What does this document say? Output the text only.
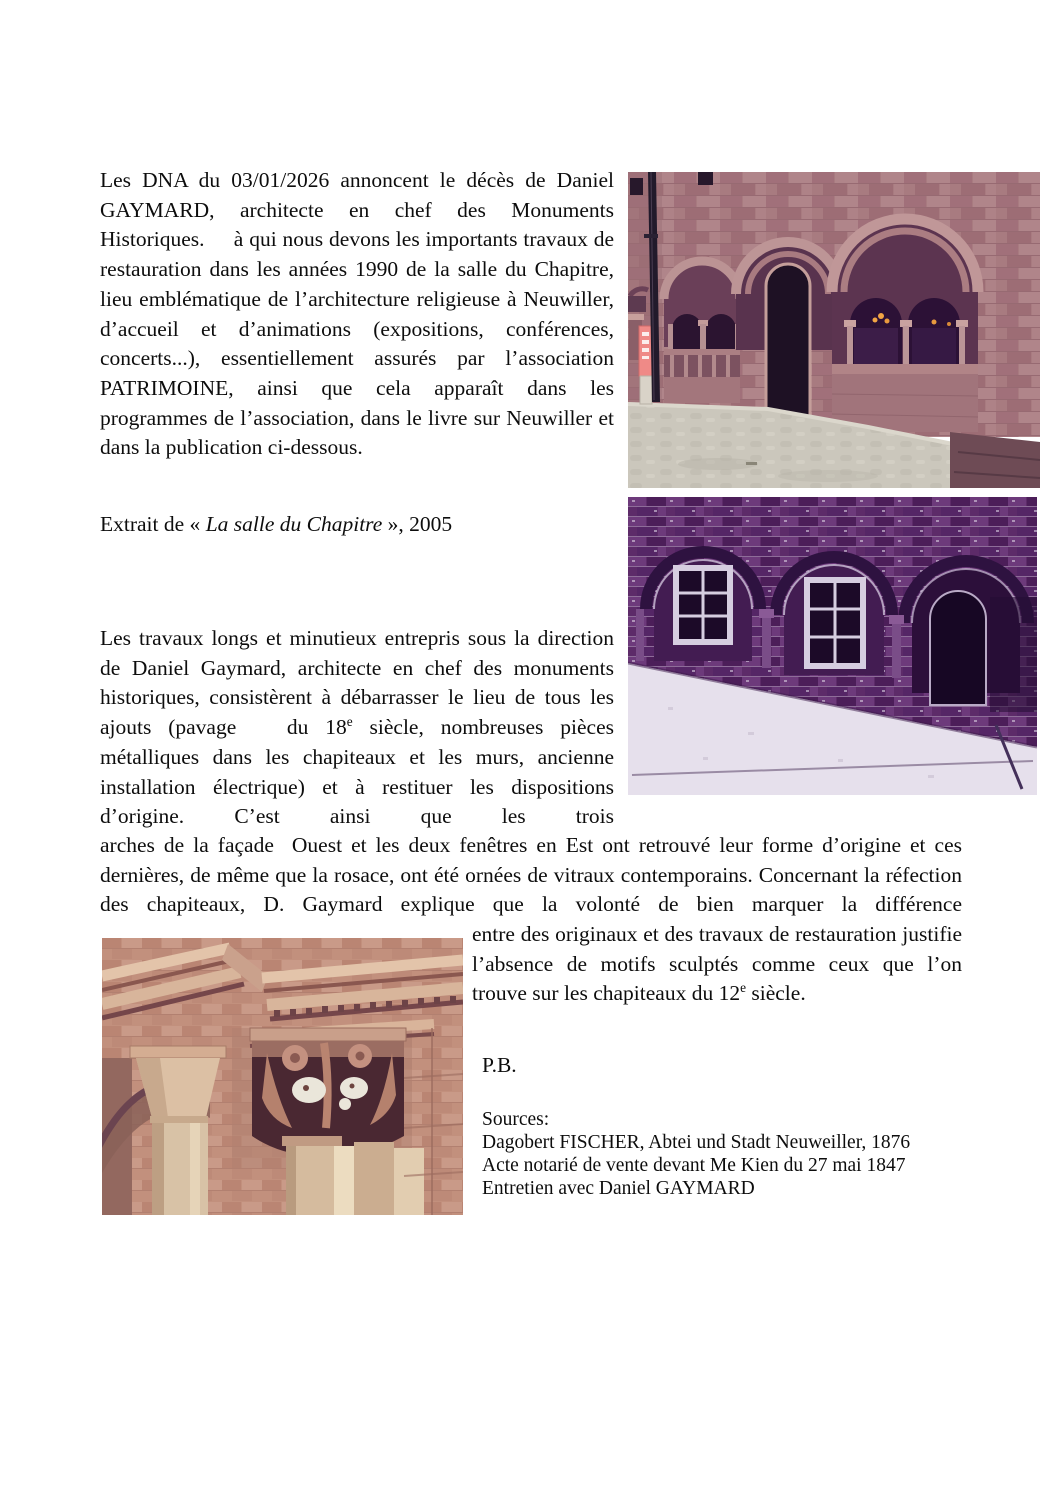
Les DNA du 03/01/2026 annoncent le décès de Daniel GAYMARD, architecte en chef des Monuments Historiques.     à qui nous devons les importants travaux de restauration dans les années 1990 de la salle du Chapitre, lieu emblématique de l’architecture religieuse à Neuwiller, d’accueil et d’animations (expositions, conférences, concerts...), essentiellement assurés par l’association PATRIMOINE, ainsi que cela apparaît dans les programmes de l’association, dans le livre sur Neuwiller et dans la publication ci-dessous.
Extrait de « La salle du Chapitre », 2005
Les travaux longs et minutieux entrepris sous la direction de Daniel Gaymard, architecte en chef des monuments historiques, consistèrent à débarrasser le lieu de tous les ajouts (pavage   du 18e siècle, nombreuses pièces métalliques dans les chapiteaux et les murs, ancienne installation électrique) et à restituer les dispositions d’origine. C’est ainsi que les trois
arches de la façade  Ouest et les deux fenêtres en Est ont retrouvé leur forme d’origine et ces dernières, de même que la rosace, ont été ornées de vitraux contemporains. Concernant la réfection des chapiteaux, D. Gaymard explique que la volonté de bien marquer la différence
entre des originaux et des travaux de restauration justifie l’absence de motifs sculptés comme ceux que l’on trouve sur les chapiteaux du 12e siècle.
P.B.
Sources:
Dagobert FISCHER, Abtei und Stadt Neuweiller, 1876
Acte notarié de vente devant Me Kien du 27 mai 1847
Entretien avec Daniel GAYMARD
